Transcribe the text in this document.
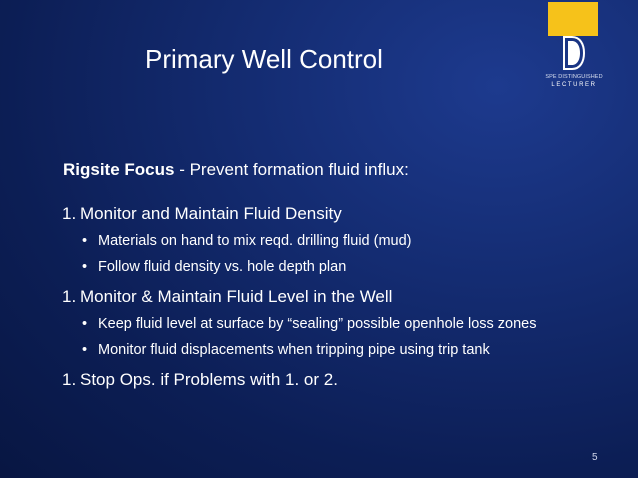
Primary Well Control
SPE DISTINGUISHED
LECTURER
Rigsite Focus - Prevent formation fluid influx:
1. Monitor and Maintain Fluid Density
• Materials on hand to mix reqd. drilling fluid (mud)
• Follow fluid density vs. hole depth plan
1. Monitor & Maintain Fluid Level in the Well
• Keep fluid level at surface by “sealing” possible openhole loss zones
• Monitor fluid displacements when tripping pipe using trip tank
1. Stop Ops. if Problems with 1. or 2.
5
